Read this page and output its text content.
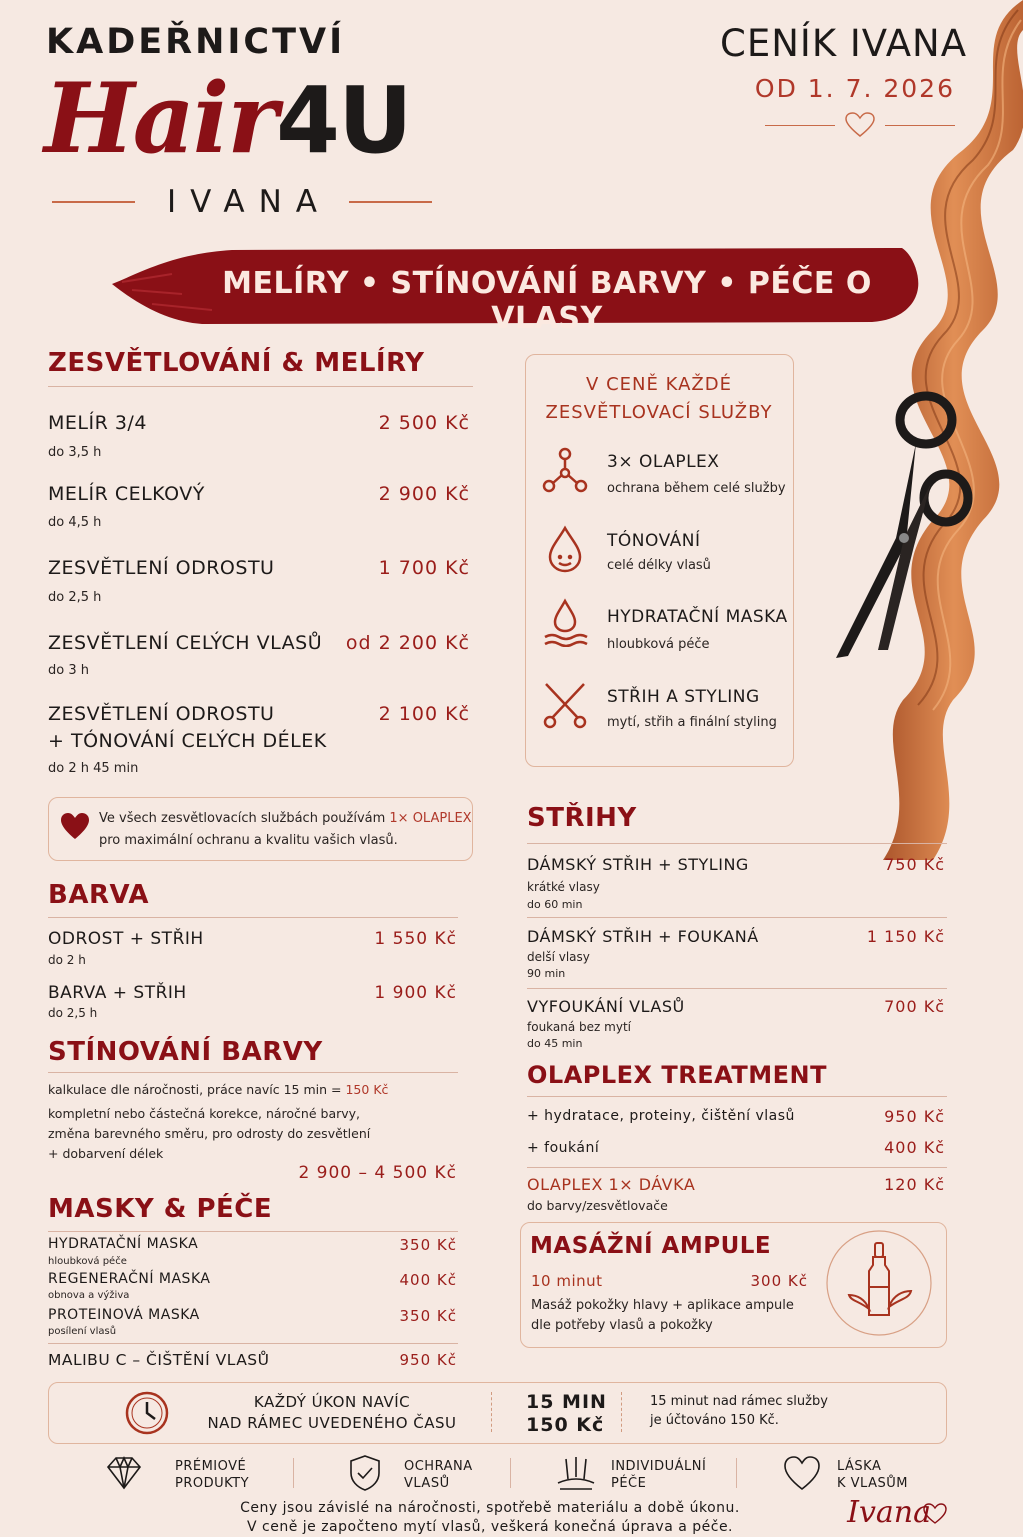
KADEŘNICTVÍ
Hair4U
IVANA
CENÍK IVANA
OD 1. 7. 2026
MELÍRY • STÍNOVÁNÍ BARVY • PÉČE O VLASY
ZESVĚTLOVÁNÍ & MELÍRY
MELÍR 3/4	2 500 Kč
do 3,5 h
MELÍR CELKOVÝ	2 900 Kč
do 4,5 h
ZESVĚTLENÍ ODROSTU	1 700 Kč
do 2,5 h
ZESVĚTLENÍ CELÝCH VLASŮ od 2 200 Kč
do 3 h
ZESVĚTLENÍ ODROSTU
+ TÓNOVÁNÍ CELÝCH DÉLEK
2 100 Kč
do 2 h 45 min
Ve všech zesvětlovacích službách používám 1× OLAPLEX
pro maximální ochranu a kvalitu vašich vlasů.
V CENĚ KAŽDÉ
ZESVĚTLOVACÍ SLUŽBY
3× OLAPLEX
ochrana během celé služby
TÓNOVÁNÍ
celé délky vlasů
HYDRATAČNÍ MASKA
hloubková péče
STŘIH A STYLING
mytí, střih a finální styling
BARVA
ODROST + STŘIH	1 550 Kč
do 2 h
BARVA + STŘIH	1 900 Kč
do 2,5 h
STÍNOVÁNÍ BARVY
kalkulace dle náročnosti, práce navíc 15 min = 150 Kč
kompletní nebo částečná korekce, náročné barvy,
změna barevného směru, pro odrosty do zesvětlení
+ dobarvení délek
2 900 – 4 500 Kč
MASKY & PÉČE
HYDRATAČNÍ MASKA	350 Kč
hloubková péče
REGENERAČNÍ MASKA	400 Kč
obnova a výživa
PROTEINOVÁ MASKA	350 Kč
posílení vlasů
MALIBU C – ČIŠTĚNÍ VLASŮ	950 Kč
STŘIHY
DÁMSKÝ STŘIH + STYLING	750 Kč
krátké vlasy
do 60 min
DÁMSKÝ STŘIH + FOUKANÁ	1 150 Kč
delší vlasy
90 min
VYFOUKÁNÍ VLASŮ	700 Kč
foukaná bez mytí
do 45 min
OLAPLEX TREATMENT
+ hydratace, proteiny, čištění vlasů	950 Kč
+ foukání	400 Kč
OLAPLEX 1× DÁVKA	120 Kč
do barvy/zesvětlovače
MASÁŽNÍ AMPULE
10 minut	300 Kč
Masáž pokožky hlavy + aplikace ampule
dle potřeby vlasů a pokožky
KAŽDÝ ÚKON NAVÍC
NAD RÁMEC UVEDENÉHO ČASU
15 MIN
150 Kč
15 minut nad rámec služby
je účtováno 150 Kč.
PRÉMIOVÉ
PRODUKTY
OCHRANA
VLASŮ
INDIVIDUÁLNÍ
PÉČE
LÁSKA
K VLASŮM
Ceny jsou závislé na náročnosti, spotřebě materiálu a době úkonu.
V ceně je započteno mytí vlasů, veškerá konečná úprava a péče.	Ivana
